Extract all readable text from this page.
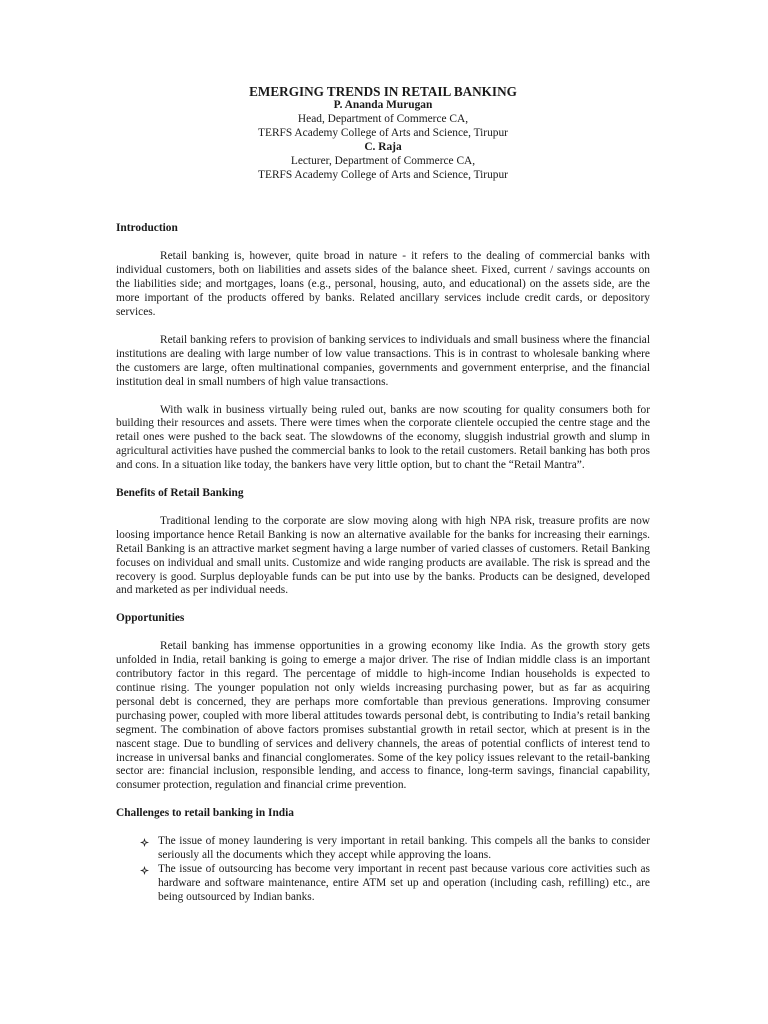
EMERGING TRENDS IN RETAIL BANKING
P. Ananda Murugan
Head, Department of Commerce CA,
TERFS Academy College of Arts and Science, Tirupur
C. Raja
Lecturer, Department of Commerce CA,
TERFS Academy College of Arts and Science, Tirupur
Introduction

Retail banking is, however, quite broad in nature - it refers to the dealing of commercial banks with individual customers, both on liabilities and assets sides of the balance sheet. Fixed, current / savings accounts on the liabilities side; and mortgages, loans (e.g., personal, housing, auto, and educational) on the assets side, are the more important of the products offered by banks. Related ancillary services include credit cards, or depository services.

Retail banking refers to provision of banking services to individuals and small business where the financial institutions are dealing with large number of low value transactions. This is in contrast to wholesale banking where the customers are large, often multinational companies, governments and government enterprise, and the financial institution deal in small numbers of high value transactions.

With walk in business virtually being ruled out, banks are now scouting for quality consumers both for building their resources and assets. There were times when the corporate clientele occupied the centre stage and the retail ones were pushed to the back seat. The slowdowns of the economy, sluggish industrial growth and slump in agricultural activities have pushed the commercial banks to look to the retail customers. Retail banking has both pros and cons. In a situation like today, the bankers have very little option, but to chant the “Retail Mantra”.

Benefits of Retail Banking

Traditional lending to the corporate are slow moving along with high NPA risk, treasure profits are now loosing importance hence Retail Banking is now an alternative available for the banks for increasing their earnings. Retail Banking is an attractive market segment having a large number of varied classes of customers. Retail Banking focuses on individual and small units. Customize and wide ranging products are available. The risk is spread and the recovery is good. Surplus deployable funds can be put into use by the banks. Products can be designed, developed and marketed as per individual needs.

Opportunities

Retail banking has immense opportunities in a growing economy like India. As the growth story gets unfolded in India, retail banking is going to emerge a major driver. The rise of Indian middle class is an important contributory factor in this regard. The percentage of middle to high-income Indian households is expected to continue rising. The younger population not only wields increasing purchasing power, but as far as acquiring personal debt is concerned, they are perhaps more comfortable than previous generations. Improving consumer purchasing power, coupled with more liberal attitudes towards personal debt, is contributing to India’s retail banking segment. The combination of above factors promises substantial growth in retail sector, which at present is in the nascent stage. Due to bundling of services and delivery channels, the areas of potential conflicts of interest tend to increase in universal banks and financial conglomerates. Some of the key policy issues relevant to the retail-banking sector are: financial inclusion, responsible lending, and access to finance, long-term savings, financial capability, consumer protection, regulation and financial crime prevention.

Challenges to retail banking in India
The issue of money laundering is very important in retail banking. This compels all the banks to consider seriously all the documents which they accept while approving the loans.
The issue of outsourcing has become very important in recent past because various core activities such as hardware and software maintenance, entire ATM set up and operation (including cash, refilling) etc., are being outsourced by Indian banks.
